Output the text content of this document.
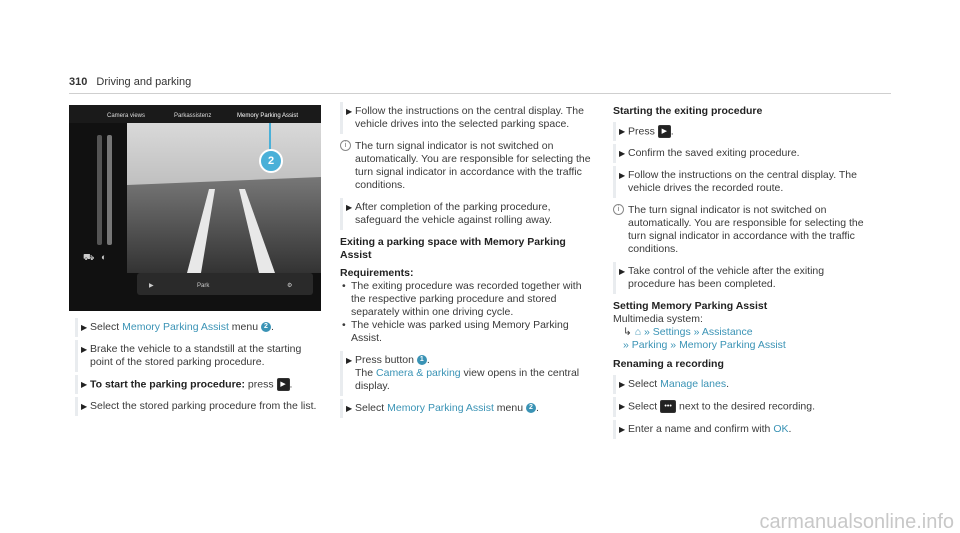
310 Driving and parking
Camera views	Parkassistenz	Memory Parking Assist
2
⛟ ◐
▶	Park	⚙
▶ Select Memory Parking Assist menu 2 .
▶ Brake the vehicle to a standstill at the starting point of the stored parking procedure.
▶ To start the parking procedure: press ▶ .
▶ Select the stored parking procedure from the list.
▶ Follow the instructions on the central display. The vehicle drives into the selected parking space.
i The turn signal indicator is not switched on automatically. You are responsible for selecting the turn signal indicator in accordance with the traffic conditions.
▶ After completion of the parking procedure, safeguard the vehicle against rolling away.
Exiting a parking space with Memory Parking Assist
Requirements:
• The exiting procedure was recorded together with the respective parking procedure and stored separately within one driving cycle.
• The vehicle was parked using Memory Parking Assist.
▶ Press button 1 .
The Camera & parking view opens in the central display.
▶ Select Memory Parking Assist menu 2 .
Starting the exiting procedure
▶ Press ▶ .
▶ Confirm the saved exiting procedure.
▶ Follow the instructions on the central display. The vehicle drives the recorded route.
i The turn signal indicator is not switched on automatically. You are responsible for selecting the turn signal indicator in accordance with the traffic conditions.
▶ Take control of the vehicle after the exiting procedure has been completed.
Setting Memory Parking Assist
Multimedia system:
↳ ⌂ » Settings » Assistance
» Parking » Memory Parking Assist
Renaming a recording
▶ Select Manage lanes.
▶ Select ••• next to the desired recording.
▶ Enter a name and confirm with OK.
carmanualsonline.info
